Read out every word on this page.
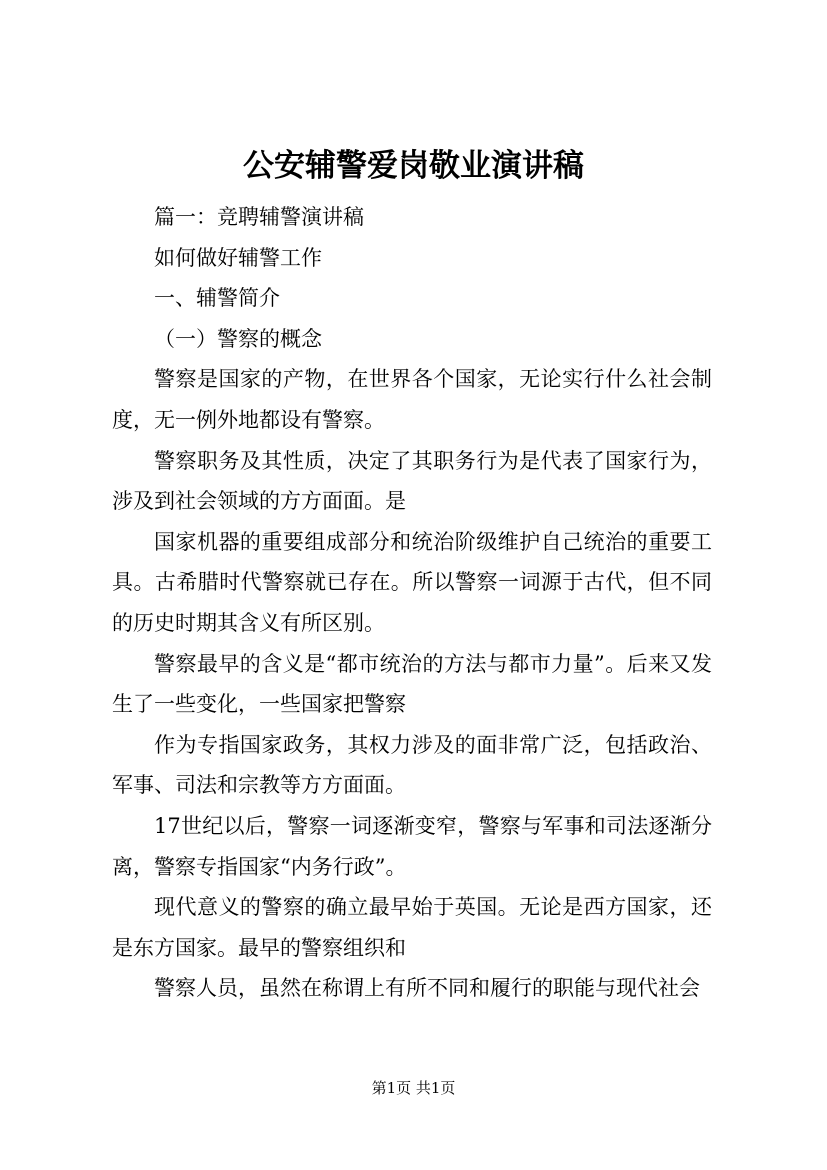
公安辅警爱岗敬业演讲稿

篇一：竞聘辅警演讲稿

如何做好辅警工作

一、辅警简介

（一）警察的概念

警察是国家的产物，在世界各个国家，无论实行什么社会制度，无一例外地都设有警察。

警察职务及其性质，决定了其职务行为是代表了国家行为，涉及到社会领域的方方面面。是

国家机器的重要组成部分和统治阶级维护自己统治的重要工具。古希腊时代警察就已存在。所以警察一词源于古代，但不同的历史时期其含义有所区别。

警察最早的含义是“都市统治的方法与都市力量”。后来又发生了一些变化，一些国家把警察

作为专指国家政务，其权力涉及的面非常广泛，包括政治、军事、司法和宗教等方方面面。

17世纪以后，警察一词逐渐变窄，警察与军事和司法逐渐分离，警察专指国家“内务行政”。

现代意义的警察的确立最早始于英国。无论是西方国家，还是东方国家。最早的警察组织和

警察人员，虽然在称谓上有所不同和履行的职能与现代社会

第1页 共1页
